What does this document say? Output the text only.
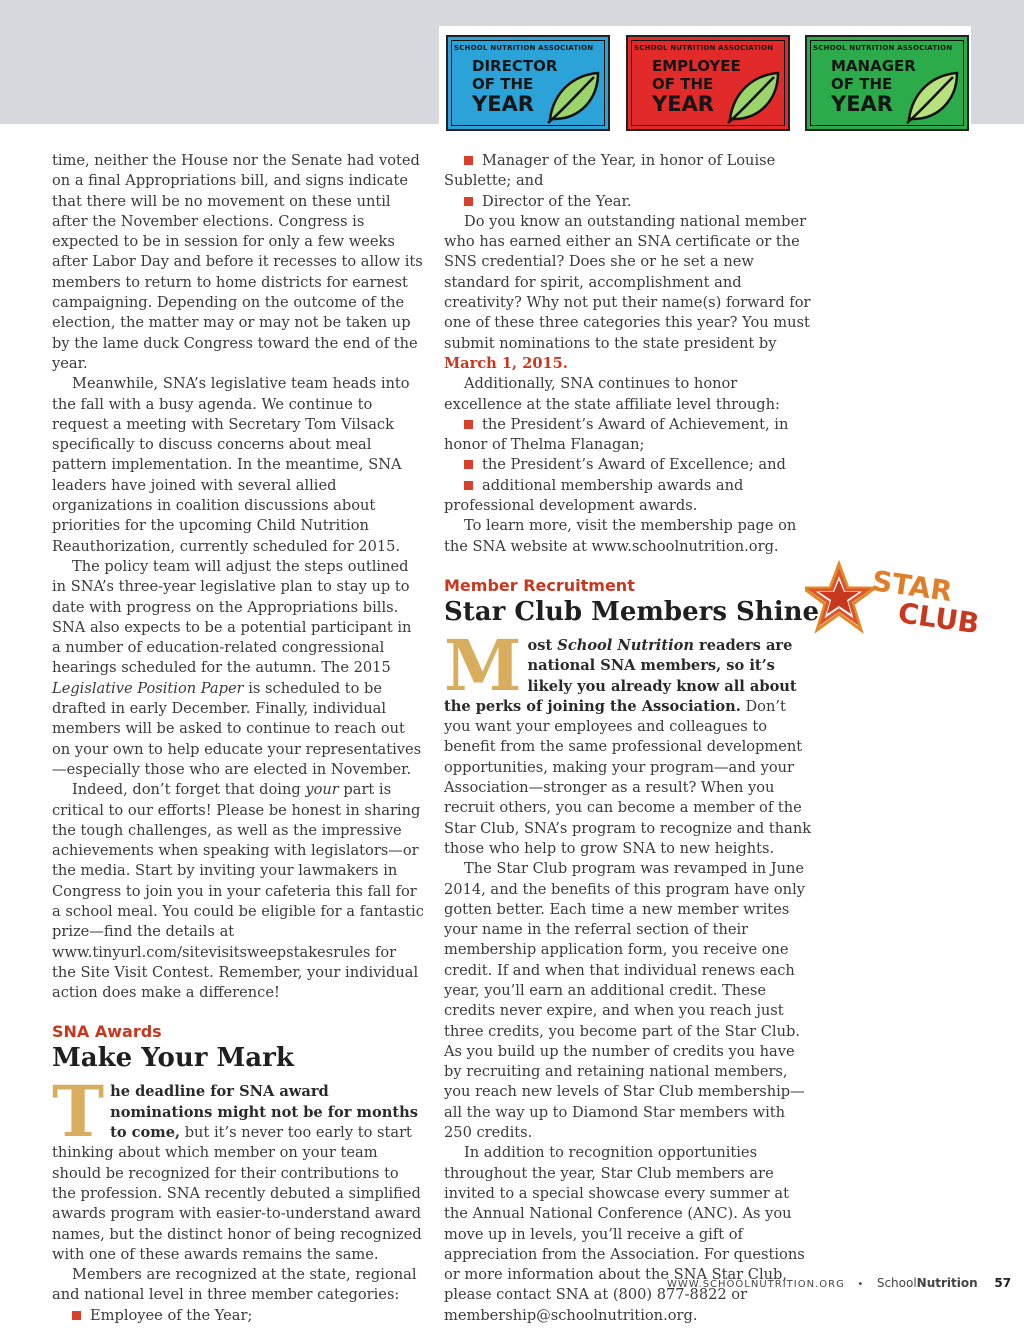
SCHOOL NUTRITION ASSOCIATION
DIRECTOR
OF THE
YEAR
SCHOOL NUTRITION ASSOCIATION
EMPLOYEE
OF THE
YEAR
SCHOOL NUTRITION ASSOCIATION
MANAGER
OF THE
YEAR

time, neither the House nor the Senate had voted on a final Appropriations bill, and signs indicate that there will be no movement on these until after the November elections. Congress is expected to be in session for only a few weeks after Labor Day and before it recesses to allow its members to return to home districts for earnest campaigning. Depending on the outcome of the election, the matter may or may not be taken up by the lame duck Congress toward the end of the year.

Meanwhile, SNA’s legislative team heads into the fall with a busy agenda. We continue to request a meeting with Secretary Tom Vilsack specifically to discuss concerns about meal pattern implementation. In the meantime, SNA leaders have joined with several allied organizations in coalition discussions about priorities for the upcoming Child Nutrition Reauthorization, currently scheduled for 2015.

The policy team will adjust the steps outlined in SNA’s three-year legislative plan to stay up to date with progress on the Appropriations bills. SNA also expects to be a potential participant in a number of education-related congressional hearings scheduled for the autumn. The 2015 Legislative Position Paper is scheduled to be drafted in early December. Finally, individual members will be asked to continue to reach out on your own to help educate your representatives—especially those who are elected in November.

Indeed, don’t forget that doing your part is critical to our efforts! Please be honest in sharing the tough challenges, as well as the impressive achievements when speaking with legislators—or the media. Start by inviting your lawmakers in Congress to join you in your cafeteria this fall for a school meal. You could be eligible for a fantastic prize—find the details at www.tinyurl.com/sitevisitsweepstakesrules for the Site Visit Contest. Remember, your individual action does make a difference!

SNA Awards
Make Your Mark

The deadline for SNA award nominations might not be for months to come, but it’s never too early to start thinking about which member on your team should be recognized for their contributions to the profession. SNA recently debuted a simplified awards program with easier-to-understand award names, but the distinct honor of being recognized with one of these awards remains the same.

Members are recognized at the state, regional and national level in three member categories:

Employee of the Year;

Manager of the Year, in honor of Louise Sublette; and

Director of the Year.

Do you know an outstanding national member who has earned either an SNA certificate or the SNS credential? Does she or he set a new standard for spirit, accomplishment and creativity? Why not put their name(s) forward for one of these three categories this year? You must submit nominations to the state president by March 1, 2015.

Additionally, SNA continues to honor excellence at the state affiliate level through:

the President’s Award of Achievement, in honor of Thelma Flanagan;

the President’s Award of Excellence; and

additional membership awards and professional development awards.

To learn more, visit the membership page on the SNA website at www.schoolnutrition.org.

Member Recruitment
Star Club Members Shine

Most School Nutrition readers are national SNA members, so it’s likely you already know all about the perks of joining the Association. Don’t you want your employees and colleagues to benefit from the same professional development opportunities, making your program—and your Association—stronger as a result? When you recruit others, you can become a member of the Star Club, SNA’s program to recognize and thank those who help to grow SNA to new heights.

The Star Club program was revamped in June 2014, and the benefits of this program have only gotten better. Each time a new member writes your name in the referral section of their membership application form, you receive one credit. If and when that individual renews each year, you’ll earn an additional credit. These credits never expire, and when you reach just three credits, you become part of the Star Club. As you build up the number of credits you have by recruiting and retaining national members, you reach new levels of Star Club membership—all the way up to Diamond Star members with 250 credits.

In addition to recognition opportunities throughout the year, Star Club members are invited to a special showcase every summer at the Annual National Conference (ANC). As you move up in levels, you’ll receive a gift of appreciation from the Association. For questions or more information about the SNA Star Club, please contact SNA at (800) 877-8822 or membership@schoolnutrition.org.

STAR
CLUB
WWW.SCHOOLNUTRITION.ORG • SchoolNutrition 57
